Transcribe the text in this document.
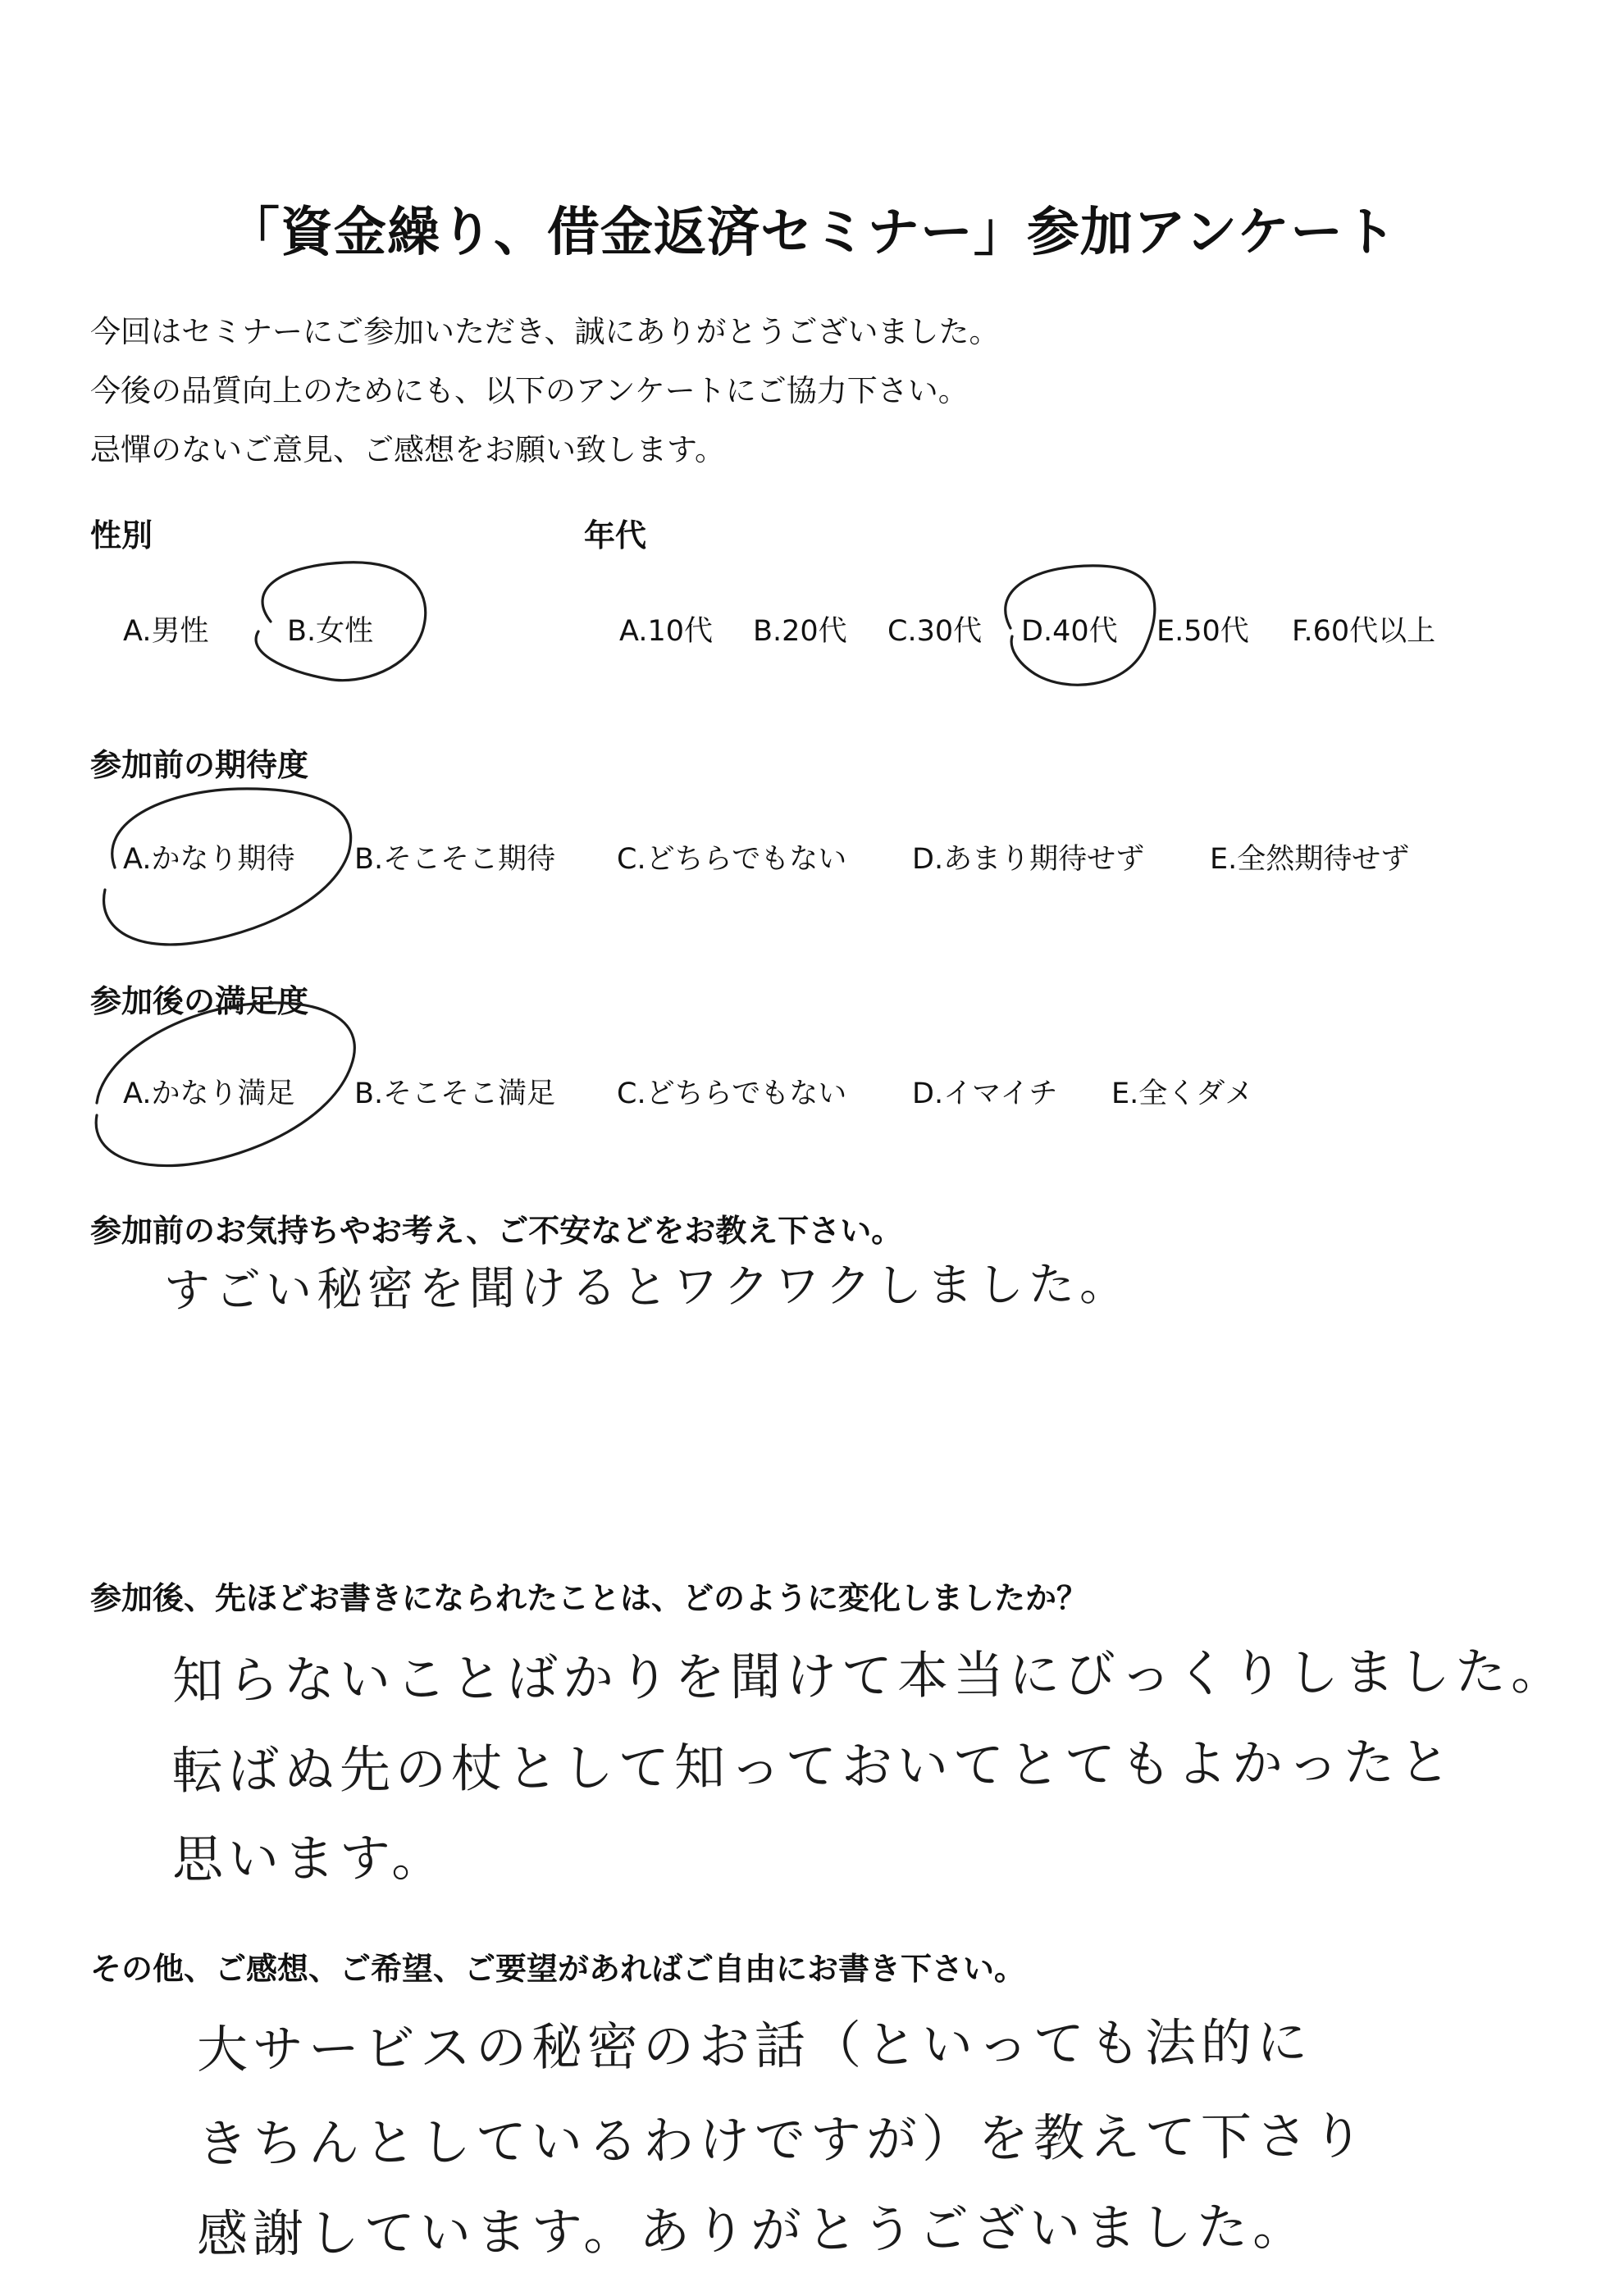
「資金繰り、借金返済セミナー」参加アンケート
今回はセミナーにご参加いただき、誠にありがとうございました。
今後の品質向上のためにも、以下のアンケートにご協力下さい。
忌憚のないご意見、ご感想をお願い致します。
性別
A.男性	B.女性
年代
A.10代 B.20代 C.30代 D.40代 E.50代 F.60代以上
参加前の期待度
A.かなり期待 B.そこそこ期待 C.どちらでもない D.あまり期待せず E.全然期待せず
参加後の満足度
A.かなり満足 B.そこそこ満足 C.どちらでもない D.イマイチ E.全くダメ
参加前のお気持ちやお考え、ご不安などをお教え下さい。
すごい秘密を聞けるとワクワクしました。
参加後、先ほどお書きになられたことは、どのように変化しましたか？
知らないことばかりを聞けて本当にびっくりしました。
転ばぬ先の杖として知っておいてとてもよかったと
思います。
その他、ご感想、ご希望、ご要望があればご自由にお書き下さい。
大サービスの秘密のお話（といっても法的に
きちんとしているわけですが）を教えて下さり
感謝しています。ありがとうございました。
